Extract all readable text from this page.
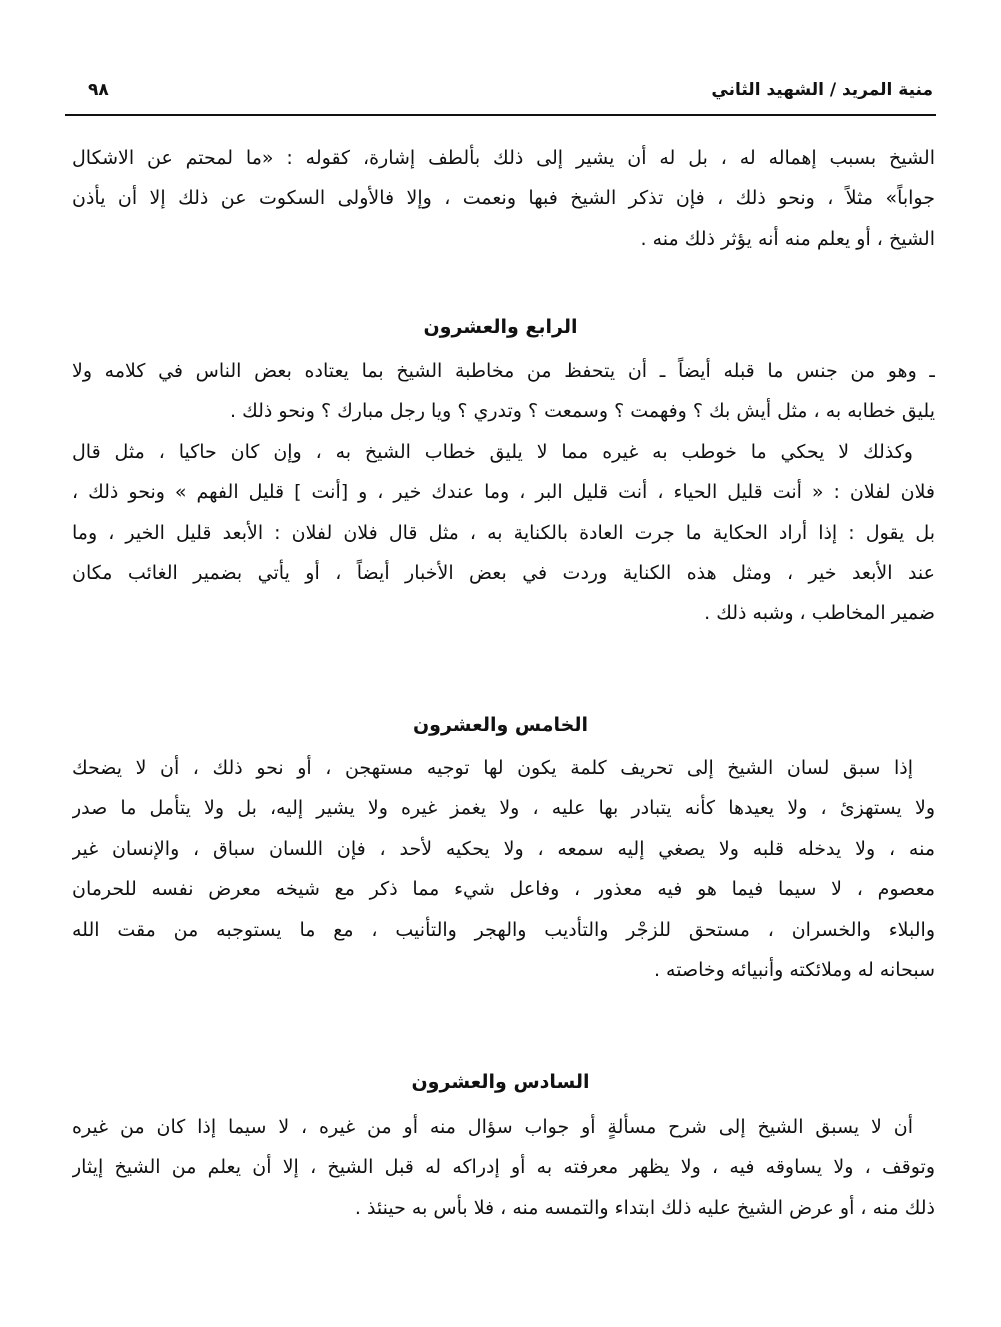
٩٨	منية المريد / الشهيد الثاني
الشيخ بسبب إهماله له ، بل له أن يشير إلى ذلك بألطف إشارة، كقوله : «ما لمحتم عن الاشكال
جواباً» مثلاً ، ونحو ذلك ، فإن تذكر الشيخ فبها ونعمت ، وإلا فالأولى السكوت عن ذلك إلا أن يأذن
الشيخ ، أو يعلم منه أنه يؤثر ذلك منه .
الرابع والعشرون
ـ وهو من جنس ما قبله أيضاً ـ أن يتحفظ من مخاطبة الشيخ بما يعتاده بعض الناس في كلامه ولا
يليق خطابه به ، مثل أيش بك ؟ وفهمت ؟ وسمعت ؟ وتدري ؟ ويا رجل مبارك ؟ ونحو ذلك .
وكذلك لا يحكي ما خوطب به غيره مما لا يليق خطاب الشيخ به ، وإن كان حاكيا ، مثل قال
فلان لفلان : « أنت قليل الحياء ، أنت قليل البر ، وما عندك خير ، و [أنت ] قليل الفهم » ونحو ذلك ،
بل يقول : إذا أراد الحكاية ما جرت العادة بالكناية به ، مثل قال فلان لفلان : الأبعد قليل الخير ، وما
عند الأبعد خير ، ومثل هذه الكناية وردت في بعض الأخبار أيضاً ، أو يأتي بضمير الغائب مكان
ضمير المخاطب ، وشبه ذلك .
الخامس والعشرون
إذا سبق لسان الشيخ إلى تحريف كلمة يكون لها توجيه مستهجن ، أو نحو ذلك ، أن لا يضحك
ولا يستهزئ ، ولا يعيدها كأنه يتبادر بها عليه ، ولا يغمز غيره ولا يشير إليه، بل ولا يتأمل ما صدر
منه ، ولا يدخله قلبه ولا يصغي إليه سمعه ، ولا يحكيه لأحد ، فإن اللسان سباق ، والإنسان غير
معصوم ، لا سيما فيما هو فيه معذور ، وفاعل شيء مما ذكر مع شيخه معرض نفسه للحرمان
والبلاء والخسران ، مستحق للزجْر والتأديب والهجر والتأنيب ، مع ما يستوجبه من مقت الله
سبحانه له وملائكته وأنبيائه وخاصته .
السادس والعشرون
أن لا يسبق الشيخ إلى شرح مسألةٍ أو جواب سؤال منه أو من غيره ، لا سيما إذا كان من غيره
وتوقف ، ولا يساوقه فيه ، ولا يظهر معرفته به أو إدراكه له قبل الشيخ ، إلا أن يعلم من الشيخ إيثار
ذلك منه ، أو عرض الشيخ عليه ذلك ابتداء والتمسه منه ، فلا بأس به حينئذ .
